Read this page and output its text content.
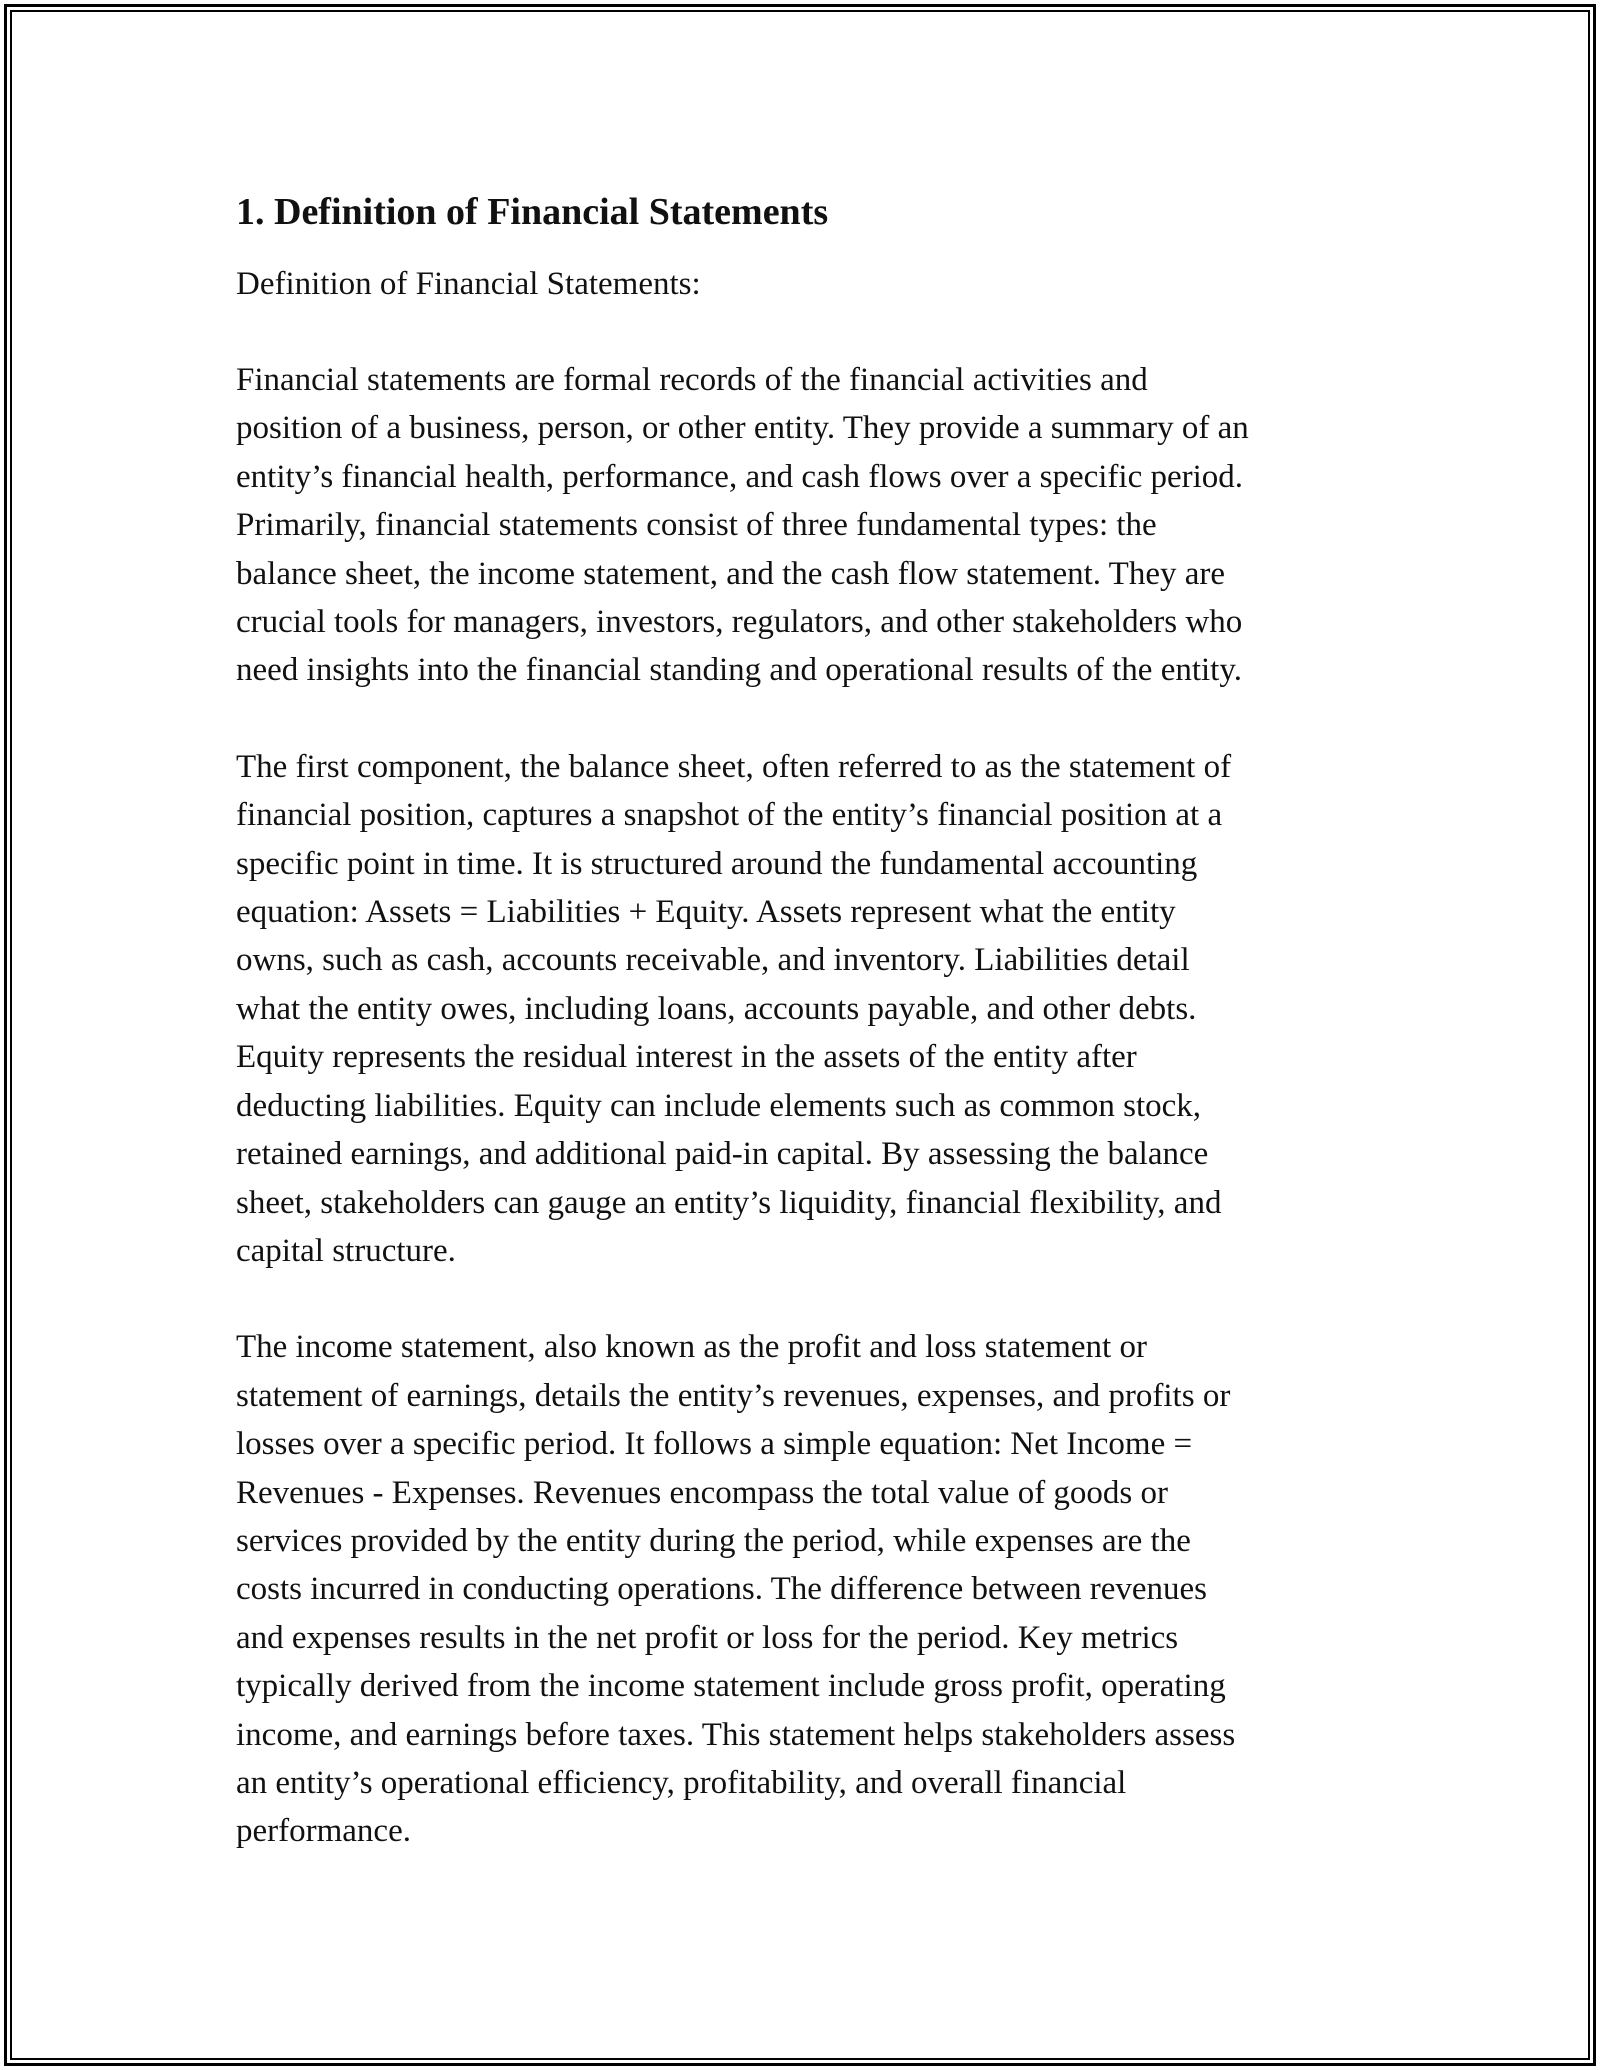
1. Definition of Financial Statements
Definition of Financial Statements:
Financial statements are formal records of the financial activities and
position of a business, person, or other entity. They provide a summary of an
entity’s financial health, performance, and cash flows over a specific period.
Primarily, financial statements consist of three fundamental types: the
balance sheet, the income statement, and the cash flow statement. They are
crucial tools for managers, investors, regulators, and other stakeholders who
need insights into the financial standing and operational results of the entity.
The first component, the balance sheet, often referred to as the statement of
financial position, captures a snapshot of the entity’s financial position at a
specific point in time. It is structured around the fundamental accounting
equation: Assets = Liabilities + Equity. Assets represent what the entity
owns, such as cash, accounts receivable, and inventory. Liabilities detail
what the entity owes, including loans, accounts payable, and other debts.
Equity represents the residual interest in the assets of the entity after
deducting liabilities. Equity can include elements such as common stock,
retained earnings, and additional paid-in capital. By assessing the balance
sheet, stakeholders can gauge an entity’s liquidity, financial flexibility, and
capital structure.
The income statement, also known as the profit and loss statement or
statement of earnings, details the entity’s revenues, expenses, and profits or
losses over a specific period. It follows a simple equation: Net Income =
Revenues - Expenses. Revenues encompass the total value of goods or
services provided by the entity during the period, while expenses are the
costs incurred in conducting operations. The difference between revenues
and expenses results in the net profit or loss for the period. Key metrics
typically derived from the income statement include gross profit, operating
income, and earnings before taxes. This statement helps stakeholders assess
an entity’s operational efficiency, profitability, and overall financial
performance.
